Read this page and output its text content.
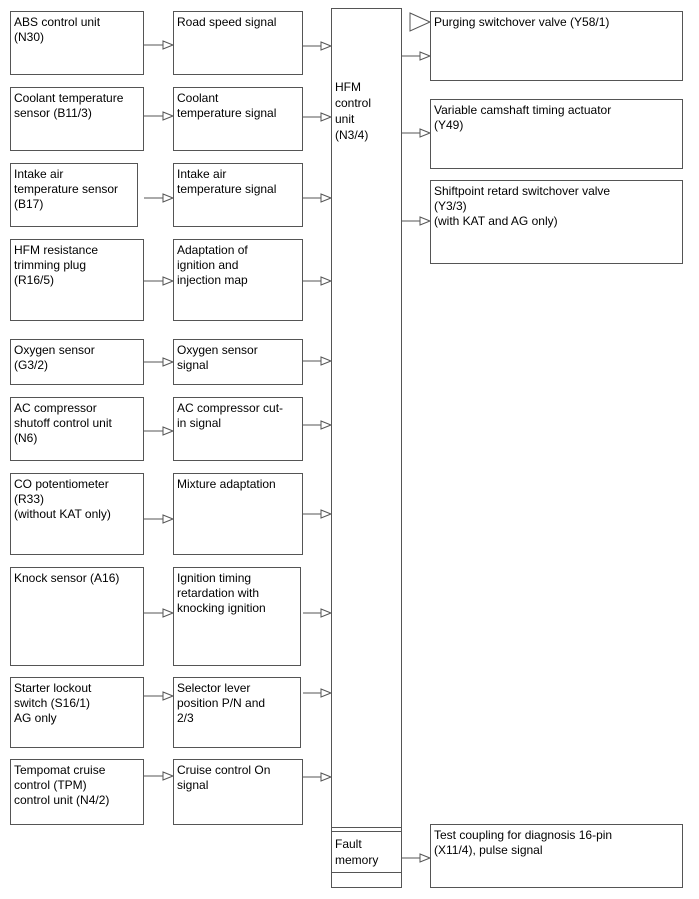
ABS control unit
(N30)
Coolant temperature
sensor (B11/3)
Intake air
temperature sensor
(B17)
HFM resistance
trimming plug
(R16/5)
Oxygen sensor
(G3/2)
AC compressor
shutoff control unit
(N6)
CO potentiometer
(R33)
(without KAT only)
Knock sensor (A16)
Starter lockout
switch (S16/1)
AG only
Tempomat cruise
control (TPM)
control unit (N4/2)
Road speed signal
Coolant
temperature signal
Intake air
temperature signal
Adaptation of
ignition and
injection map
Oxygen sensor
signal
AC compressor cut-
in signal
Mixture adaptation
Ignition timing
retardation with
knocking ignition
Selector lever
position P/N and
2/3
Cruise control On
signal
HFM
control
unit
(N3/4)
Fault
memory
Purging switchover valve (Y58/1)
Variable camshaft timing actuator
(Y49)
Shiftpoint retard switchover valve
(Y3/3)
(with KAT and AG only)
Test coupling for diagnosis 16-pin
(X11/4), pulse signal
